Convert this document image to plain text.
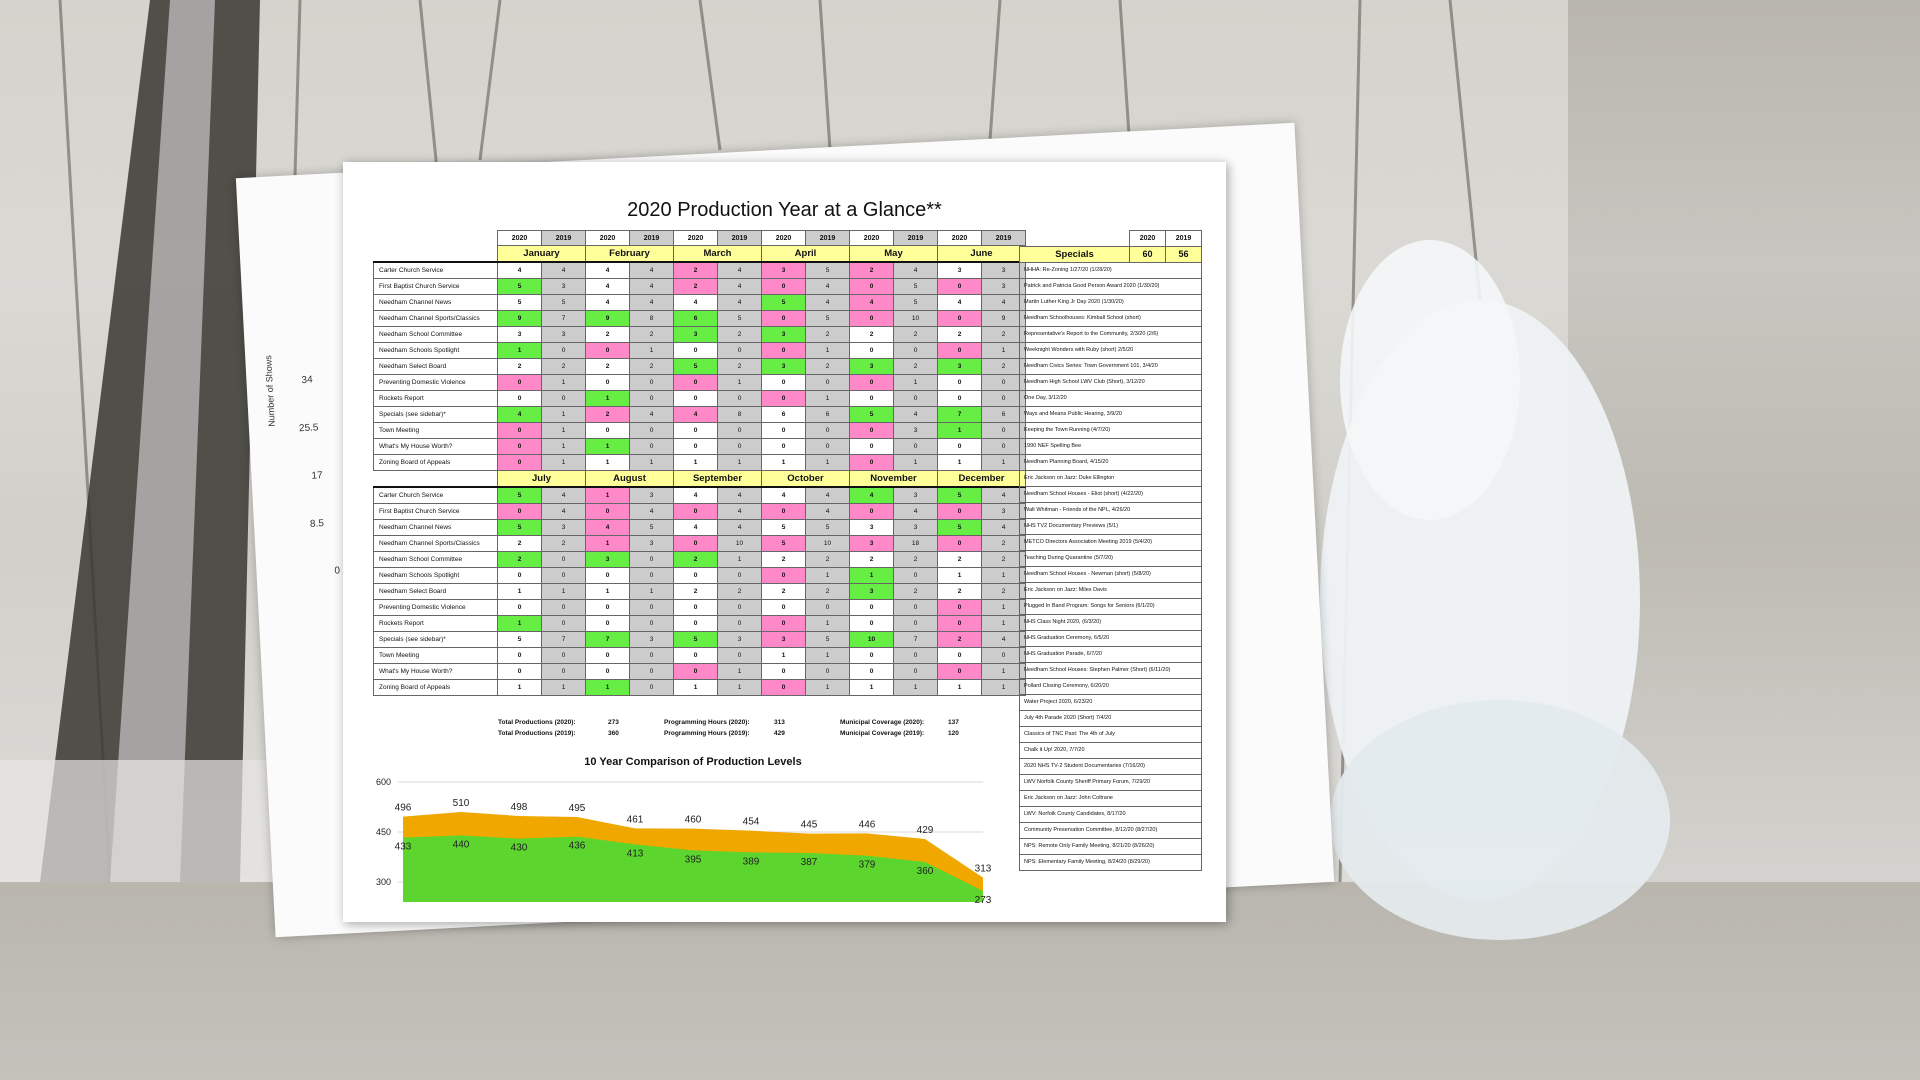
Number of Shows 34
25.5
17
8.5
0
2020 Production Year at a Glance**
	2020	2019	2020	2019	2020	2019	2020	2019	2020	2019	2020	2019
	January		February		March		April		May		June	
Carter Church Service	4	4	4	4	2	4	3	5	2	4	3	3
First Baptist Church Service	5	3	4	4	2	4	0	4	0	5	0	3
Needham Channel News	5	5	4	4	4	4	5	4	4	5	4	4
Needham Channel Sports/Classics	9	7	9	8	6	5	0	5	0	10	0	9
Needham School Committee	3	3	2	2	3	2	3	2	2	2	2	2
Needham Schools Spotlight	1	0	0	1	0	0	0	1	0	0	0	1
Needham Select Board	2	2	2	2	5	2	3	2	3	2	3	2
Preventing Domestic Violence	0	1	0	0	0	1	0	0	0	1	0	0
Rockets Report	0	0	1	0	0	0	0	1	0	0	0	0
Specials (see sidebar)*	4	1	2	4	4	8	6	6	5	4	7	6
Town Meeting	0	1	0	0	0	0	0	0	0	3	1	0
What's My House Worth?	0	1	1	0	0	0	0	0	0	0	0	0
Zoning Board of Appeals	0	1	1	1	1	1	1	1	0	1	1	1
	July		August		September		October		November		December	
Carter Church Service	5	4	1	3	4	4	4	4	4	3	5	4
First Baptist Church Service	0	4	0	4	0	4	0	4	0	4	0	3
Needham Channel News	5	3	4	5	4	4	5	5	3	3	5	4
Needham Channel Sports/Classics	2	2	1	3	0	10	5	10	3	18	0	2
Needham School Committee	2	0	3	0	2	1	2	2	2	2	2	2
Needham Schools Spotlight	0	0	0	0	0	0	0	1	1	0	1	1
Needham Select Board	1	1	1	1	2	2	2	2	3	2	2	2
Preventing Domestic Violence	0	0	0	0	0	0	0	0	0	0	0	1
Rockets Report	1	0	0	0	0	0	0	1	0	0	0	1
Specials (see sidebar)*	5	7	7	3	5	3	3	5	10	7	2	4
Town Meeting	0	0	0	0	0	0	1	1	0	0	0	0
What's My House Worth?	0	0	0	0	0	1	0	0	0	0	0	1
Zoning Board of Appeals	1	1	1	0	1	1	0	1	1	1	1	1
	2020	2019
Specials	60	56
NHHA: Re-Zoning 1/27/20 (1/28/20)		
Patrick and Patricia Good Person Award 2020 (1/30/20)		
Martin Luther King Jr Day 2020 (1/30/20)		
Needham Schoolhouses: Kimball School (short)		
Representative's Report to the Community, 2/3/20 (2/6)		
Weeknight Wonders with Ruby (short) 2/5/20		
Needham Civics Series: Town Government 101, 3/4/20		
Needham High School LWV Club (Short), 3/12/20		
One Day, 3/12/20		
Ways and Means Public Hearing, 3/9/20		
Keeping the Town Running (4/7/20)		
1990 NEF Spelling Bee		
Needham Planning Board, 4/15/20		
Eric Jackson on Jazz: Duke Ellington		
Needham School Houses - Eliot (short) (4/22/20)		
Walt Whitman - Friends of the NPL, 4/26/20		
NHS TV2 Documentary Previews (5/1)		
METCO Directors Association Meeting 2019 (5/4/20)		
Teaching During Quarantine (5/7/20)		
Needham School Houses - Newman (short) (5/8/20)		
Eric Jackson on Jazz: Miles Davis		
Plugged In Band Program: Songs for Seniors (6/1/20)		
NHS Class Night 2020, (6/3/20)		
NHS Graduation Ceremony, 6/5/20		
NHS Graduation Parade, 6/7/20		
Needham School Houses: Stephen Palmer (Short) (6/11/20)		
Pollard Closing Ceremony, 6/20/20		
Water Project 2020, 6/23/20		
July 4th Parade 2020 (Short) 7/4/20		
Classics of TNC Past: The 4th of July		
Chalk it Up! 2020, 7/7/20		
2020 NHS TV-2 Student Documentaries (7/16/20)		
LWV Norfolk County Sheriff Primary Forum, 7/29/20		
Eric Jackson on Jazz: John Coltrane		
LWV: Norfolk County Candidates, 8/17/20		
Community Preservation Committee, 8/12/20 (8/27/20)		
NPS: Remote Only Family Meeting, 8/21/20 (8/26/20)		
NPS: Elementary Family Meeting, 8/24/20 (8/29/20)		
Total Productions (2020):	273	Programming Hours (2020):	313	Municipal Coverage (2020):	137
Total Productions (2019):	360	Programming Hours (2019):	429	Municipal Coverage (2019):	120
10 Year Comparison of Production Levels
600
450
300
496	510	498	495
461	460	454	445	446
429
313
433	440	430	436
413
395	389	387	379
360
273
